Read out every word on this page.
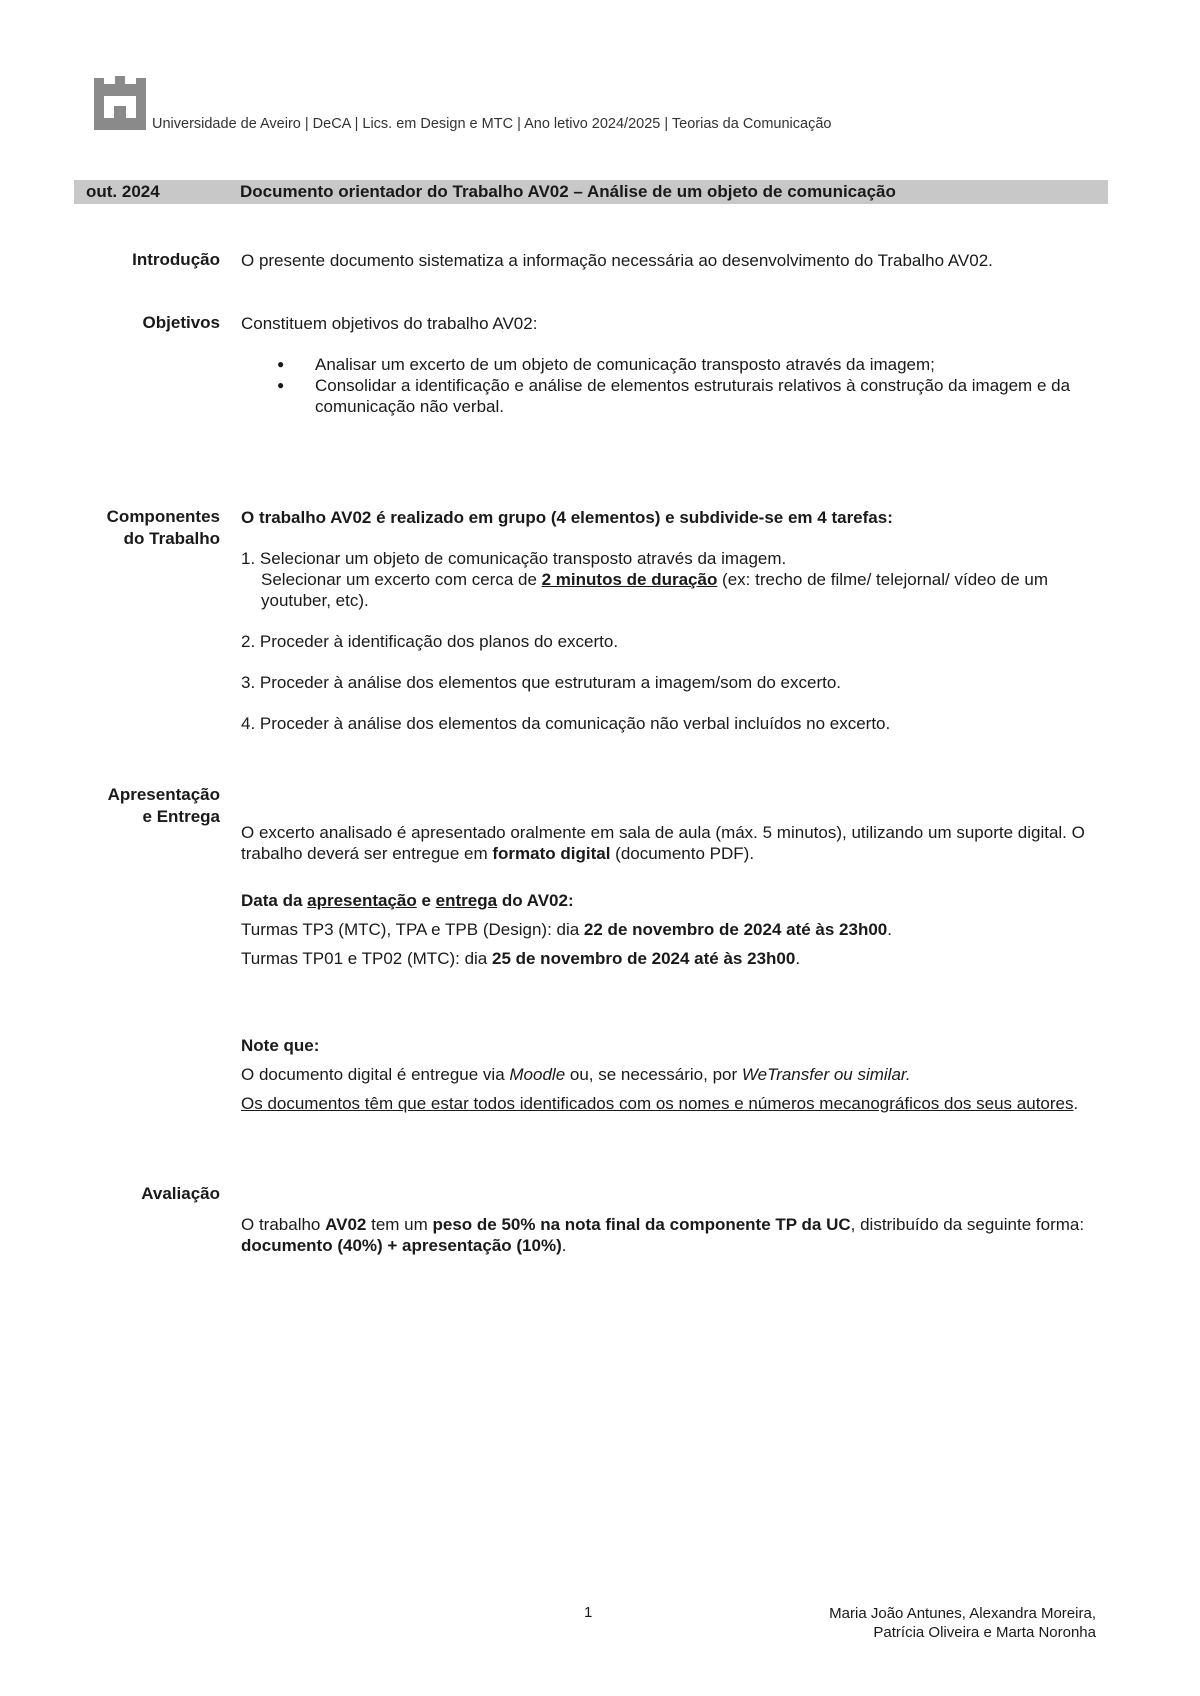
Universidade de Aveiro | DeCA | Lics. em Design e MTC | Ano letivo 2024/2025 | Teorias da Comunicação
out. 2024	Documento orientador do Trabalho AV02 – Análise de um objeto de comunicação
Introdução O presente documento sistematiza a informação necessária ao desenvolvimento do Trabalho AV02.

Objetivos Constituem objetivos do trabalho AV02:

● Analisar um excerto de um objeto de comunicação transposto através da imagem;
● Consolidar a identificação e análise de elementos estruturais relativos à construção da imagem e da comunicação não verbal.
Componentes
do Trabalho

O trabalho AV02 é realizado em grupo (4 elementos) e subdivide-se em 4 tarefas:

1. Selecionar um objeto de comunicação transposto através da imagem.
Selecionar um excerto com cerca de 2 minutos de duração (ex: trecho de filme/ telejornal/ vídeo de um youtuber, etc).

2. Proceder à identificação dos planos do excerto.

3. Proceder à análise dos elementos que estruturam a imagem/som do excerto.

4. Proceder à análise dos elementos da comunicação não verbal incluídos no excerto.

Apresentação
e Entrega

O excerto analisado é apresentado oralmente em sala de aula (máx. 5 minutos), utilizando um suporte digital. O trabalho deverá ser entregue em formato digital (documento PDF).

Data da apresentação e entrega do AV02:

Turmas TP3 (MTC), TPA e TPB (Design): dia 22 de novembro de 2024 até às 23h00.

Turmas TP01 e TP02 (MTC): dia 25 de novembro de 2024 até às 23h00.

Note que:

O documento digital é entregue via Moodle ou, se necessário, por WeTransfer ou similar.

Os documentos têm que estar todos identificados com os nomes e números mecanográficos dos seus autores.

Avaliação

O trabalho AV02 tem um peso de 50% na nota final da componente TP da UC, distribuído da seguinte forma: documento (40%) + apresentação (10%).

1	Maria João Antunes, Alexandra Moreira,
Patrícia Oliveira e Marta Noronha
